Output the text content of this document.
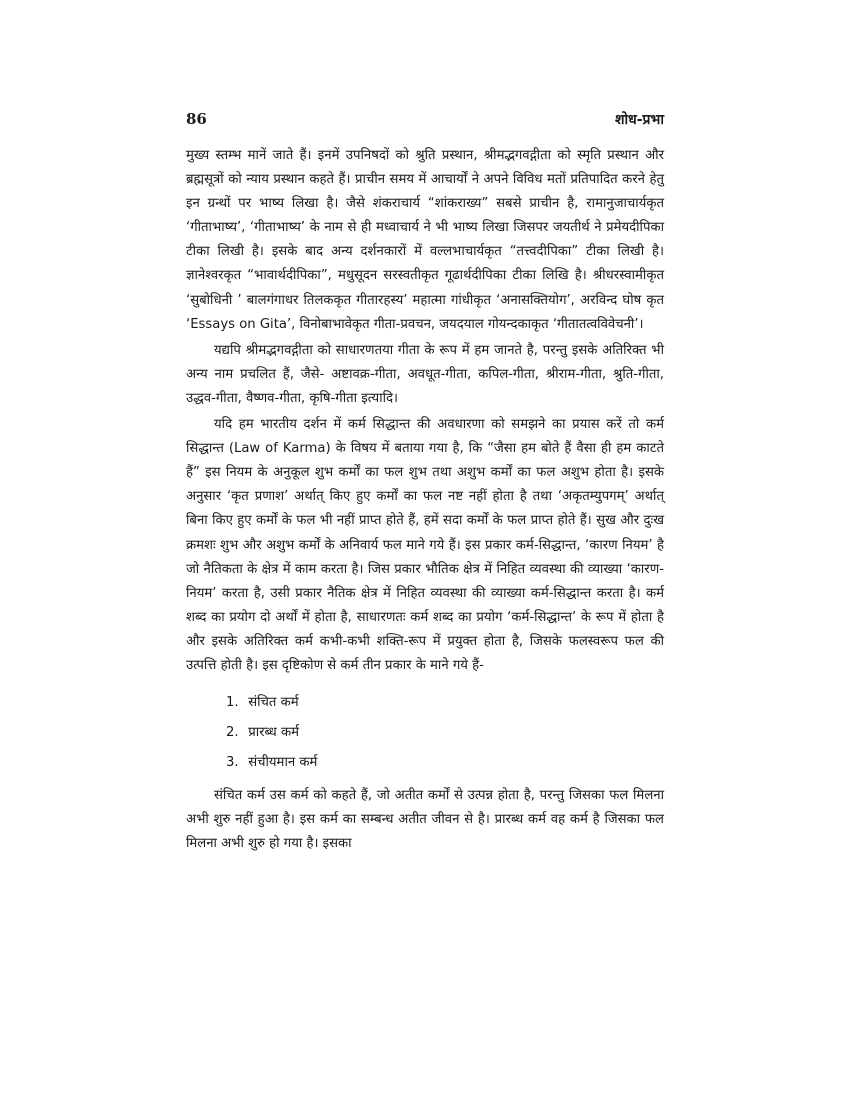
86	शोध-प्रभा

मुख्य स्तम्भ मानें जाते हैं। इनमें उपनिषदों को श्रुति प्रस्थान, श्रीमद्भगवद्गीता को स्मृति प्रस्थान और ब्रह्मसूत्रों को न्याय प्रस्थान कहते हैं। प्राचीन समय में आचार्यों ने अपने विविध मतों प्रतिपादित करने हेतु इन ग्रन्थों पर भाष्य लिखा है। जैसे शंकराचार्य “शांकराख्य” सबसे प्राचीन है, रामानुजाचार्यकृत ‘गीताभाष्य’, ‘गीताभाष्य’ के नाम से ही मध्वाचार्य ने भी भाष्य लिखा जिसपर जयतीर्थ ने प्रमेयदीपिका टीका लिखी है। इसके बाद अन्य दर्शनकारों में वल्लभाचार्यकृत “तत्त्वदीपिका” टीका लिखी है। ज्ञानेश्वरकृत “भावार्थदीपिका”, मधुसूदन सरस्वतीकृत गूढार्थदीपिका टीका लिखि है। श्रीधरस्वामीकृत ‘सुबोधिनी ’ बालगंगाधर तिलककृत गीतारहस्य’ महात्मा गांधीकृत ‘अनासक्तियोग’, अरविन्द घोष कृत ‘Essays on Gita’, विनोबाभावेकृत गीता-प्रवचन, जयदयाल गोयन्दकाकृत ‘गीतातत्वविवेचनी’।

यद्यपि श्रीमद्भगवद्गीता को साधारणतया गीता के रूप में हम जानते है, परन्तु इसके अतिरिक्त भी अन्य नाम प्रचलित हैं, जैसे- अष्टावक्र-गीता, अवधूत-गीता, कपिल-गीता, श्रीराम-गीता, श्रुति-गीता, उद्धव-गीता, वैष्णव-गीता, कृषि-गीता इत्यादि।

यदि हम भारतीय दर्शन में कर्म सिद्धान्त की अवधारणा को समझने का प्रयास करें तो कर्म सिद्धान्त (Law of Karma) के विषय में बताया गया है, कि “जैसा हम बोते हैं वैसा ही हम काटते हैं” इस नियम के अनुकूल शुभ कर्मों का फल शुभ तथा अशुभ कर्मों का फल अशुभ होता है। इसके अनुसार ‘कृत प्रणाश’ अर्थात् किए हुए कर्मों का फल नष्ट नहीं होता है तथा ‘अकृतम्युपगम्’ अर्थात् बिना किए हुए कर्मों के फल भी नहीं प्राप्त होते हैं, हमें सदा कर्मों के फल प्राप्त होते हैं। सुख और दुःख क्रमशः शुभ और अशुभ कर्मों के अनिवार्य फल माने गये हैं। इस प्रकार कर्म-सिद्धान्त, ‘कारण नियम’ है जो नैतिकता के क्षेत्र में काम करता है। जिस प्रकार भौतिक क्षेत्र में निहित व्यवस्था की व्याख्या ‘कारण-नियम’ करता है, उसी प्रकार नैतिक क्षेत्र में निहित व्यवस्था की व्याख्या कर्म-सिद्धान्त करता है। कर्म शब्द का प्रयोग दो अर्थों में होता है, साधारणतः कर्म शब्द का प्रयोग ‘कर्म-सिद्धान्त’ के रूप में होता है और इसके अतिरिक्त कर्म कभी-कभी शक्ति-रूप में प्रयुक्त होता है, जिसके फलस्वरूप फल की उत्पत्ति होती है। इस दृष्टिकोण से कर्म तीन प्रकार के माने गये हैं-

1. संचित कर्म
2. प्रारब्ध कर्म
3. संचीयमान कर्म

संचित कर्म उस कर्म को कहते हैं, जो अतीत कर्मों से उत्पन्न होता है, परन्तु जिसका फल मिलना अभी शुरु नहीं हुआ है। इस कर्म का सम्बन्ध अतीत जीवन से है। प्रारब्ध कर्म वह कर्म है जिसका फल मिलना अभी शुरु हो गया है। इसका
